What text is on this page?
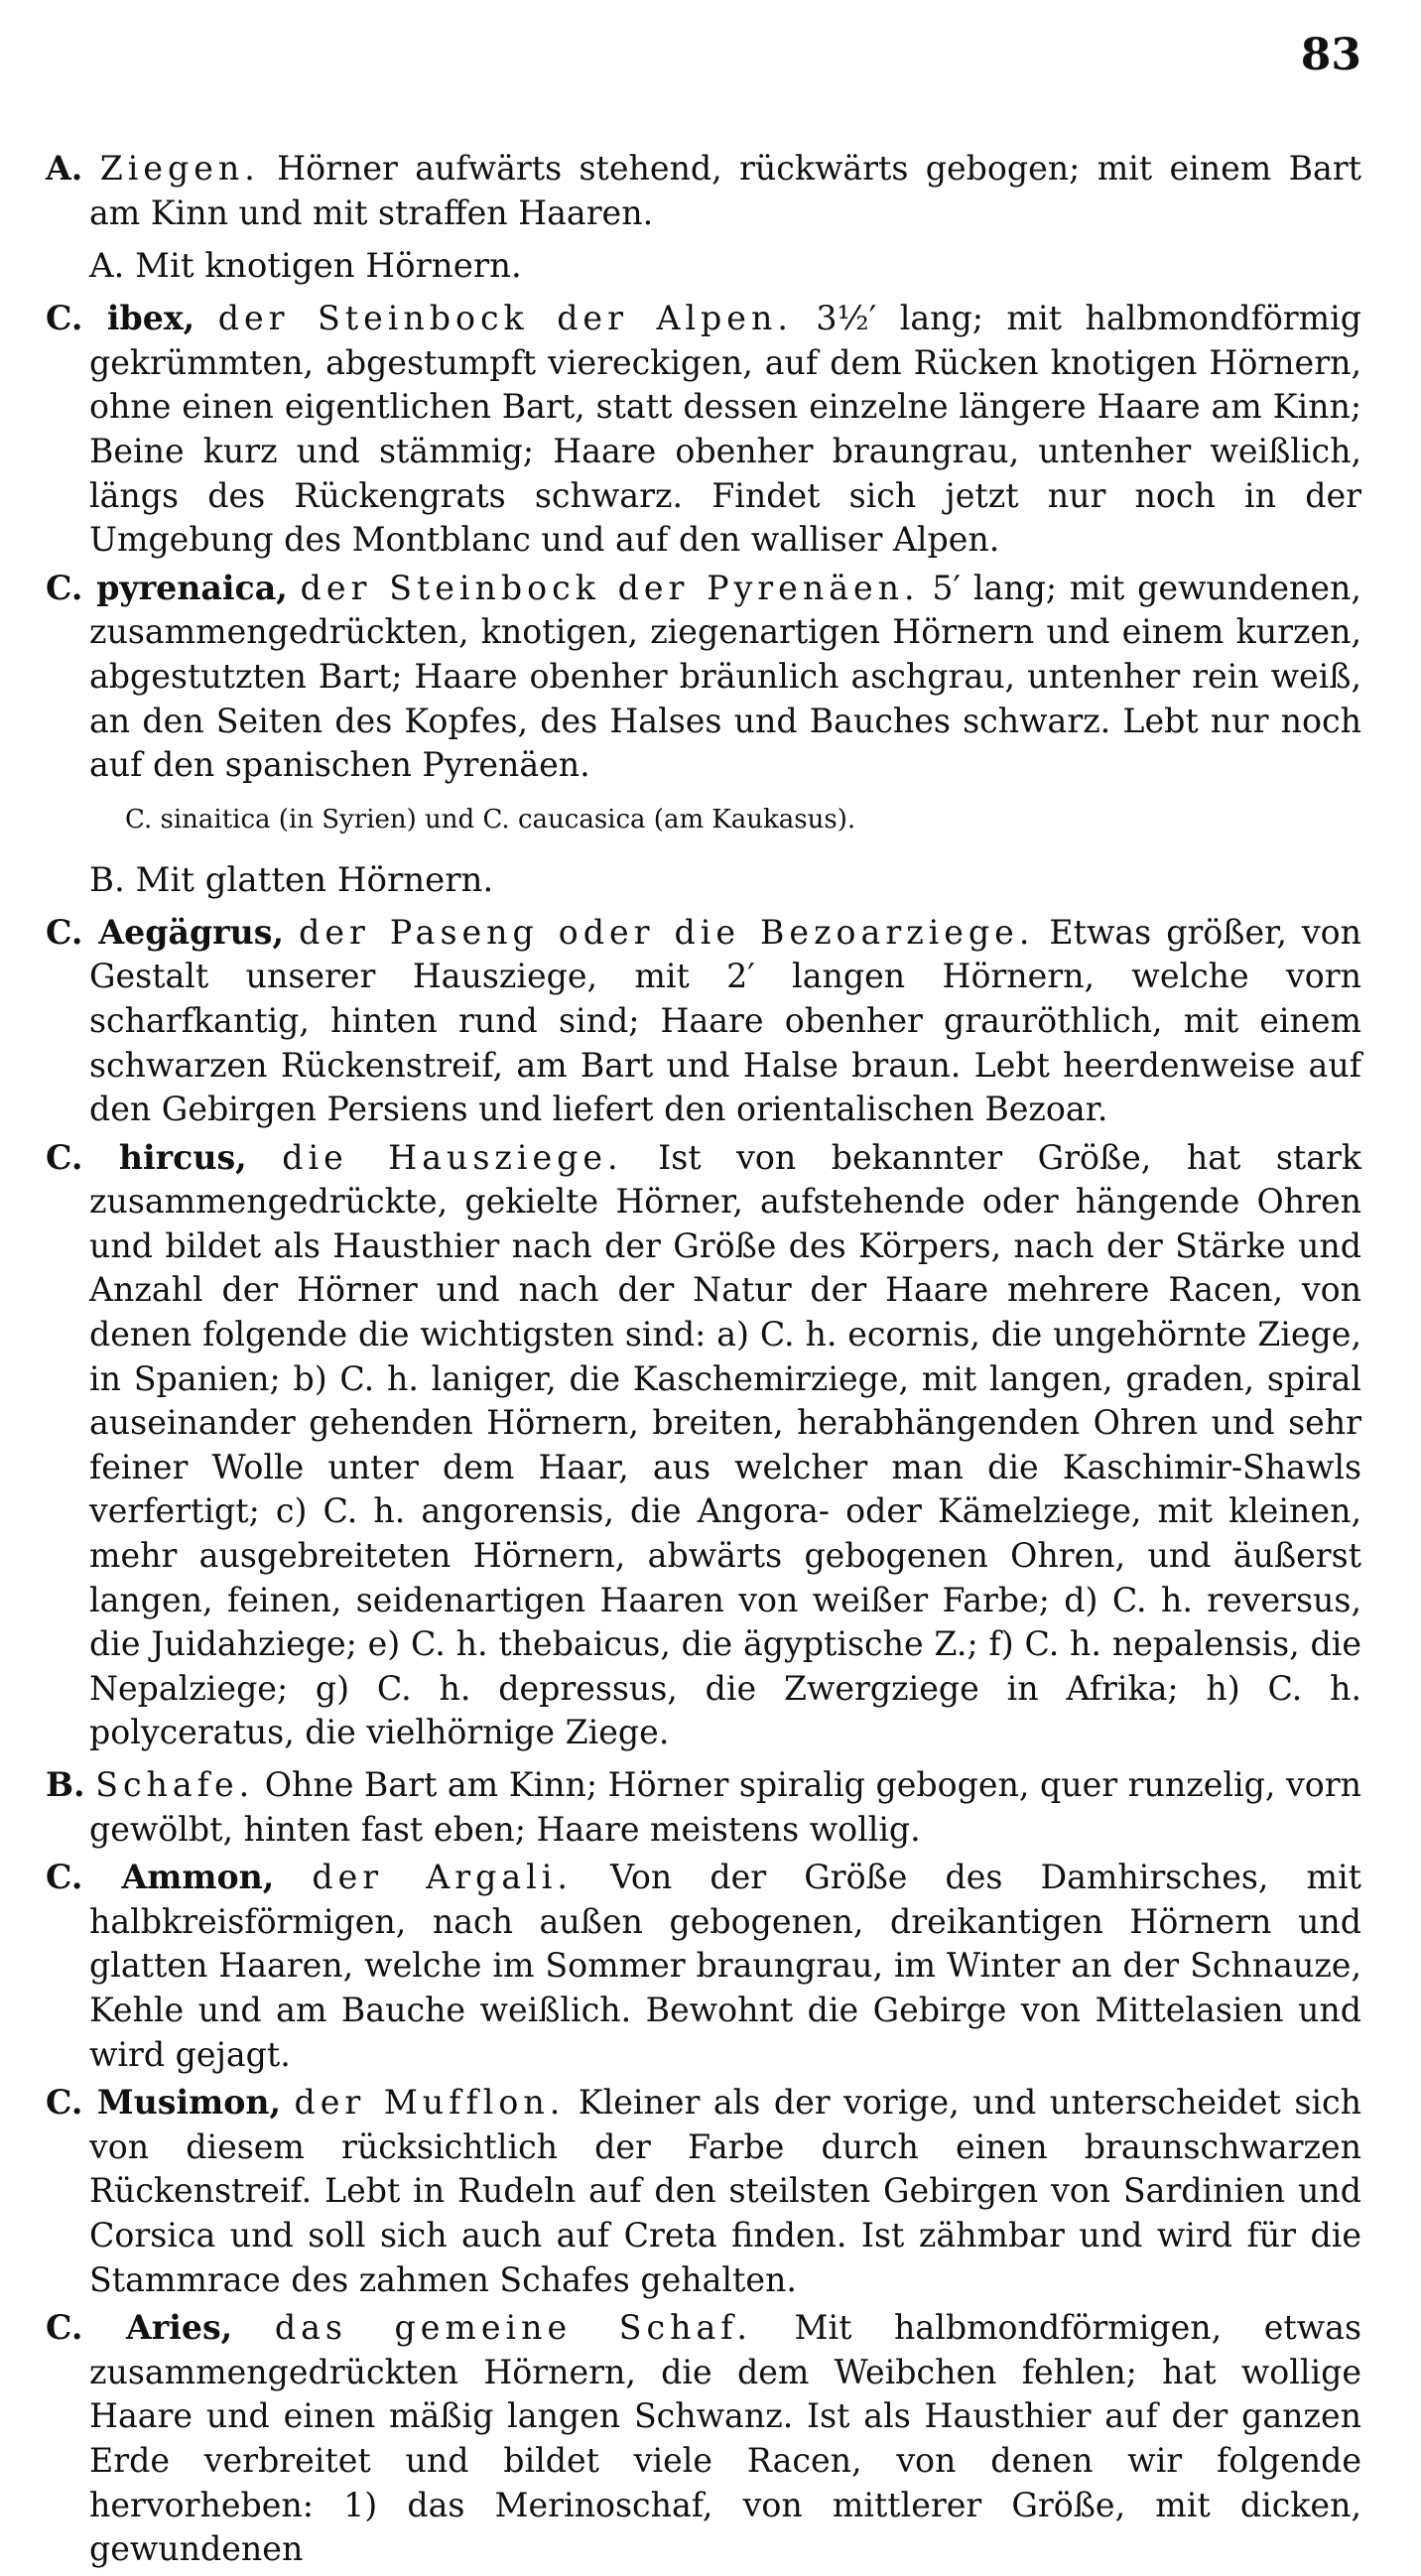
83

A. Ziegen. Hörner aufwärts stehend, rückwärts gebogen; mit einem Bart am Kinn und mit straffen Haaren.

A. Mit knotigen Hörnern.

C. ibex, der Steinbock der Alpen. 3½′ lang; mit halbmondförmig gekrümmten, abgestumpft viereckigen, auf dem Rücken knotigen Hörnern, ohne einen eigentlichen Bart, statt dessen einzelne längere Haare am Kinn; Beine kurz und stämmig; Haare obenher braungrau, untenher weißlich, längs des Rückengrats schwarz. Findet sich jetzt nur noch in der Umgebung des Montblanc und auf den walliser Alpen.

C. pyrenaica, der Steinbock der Pyrenäen. 5′ lang; mit gewundenen, zusammengedrückten, knotigen, ziegenartigen Hörnern und einem kurzen, abgestutzten Bart; Haare obenher bräunlich aschgrau, untenher rein weiß, an den Seiten des Kopfes, des Halses und Bauches schwarz. Lebt nur noch auf den spanischen Pyrenäen.

C. sinaitica (in Syrien) und C. caucasica (am Kaukasus).
B. Mit glatten Hörnern.

C. Aegägrus, der Pasеng oder die Bezoarziege. Etwas größer, von Gestalt unserer Hausziege, mit 2′ langen Hörnern, welche vorn scharfkantig, hinten rund sind; Haare obenher grauröthlich, mit einem schwarzen Rückenstreif, am Bart und Halse braun. Lebt heerdenweise auf den Gebirgen Persiens und liefert den orientalischen Bezoar.

C. hircus, die Hausziege. Ist von bekannter Größe, hat stark zusammengedrückte, gekielte Hörner, aufstehende oder hängende Ohren und bildet als Hausthier nach der Größe des Körpers, nach der Stärke und Anzahl der Hörner und nach der Natur der Haare mehrere Racen, von denen folgende die wichtigsten sind: a) C. h. ecornis, die ungehörnte Ziege, in Spanien; b) C. h. laniger, die Kaschemirziege, mit langen, graden, spiral auseinander gehenden Hörnern, breiten, herabhängenden Ohren und sehr feiner Wolle unter dem Haar, aus welcher man die Kaschimir-Shawls verfertigt; c) C. h. angorensis, die Angora- oder Kämelziege, mit kleinen, mehr ausgebreiteten Hörnern, abwärts gebogenen Ohren, und äußerst langen, feinen, seidenartigen Haaren von weißer Farbe; d) C. h. reversus, die Juidahziege; e) C. h. thebaicus, die ägyptische Z.; f) C. h. nepalensis, die Nepalziege; g) C. h. depressus, die Zwergziege in Afrika; h) C. h. polyceratus, die vielhörnige Ziege.

B. Schafe. Ohne Bart am Kinn; Hörner spiralig gebogen, quer runzelig, vorn gewölbt, hinten fast eben; Haare meistens wollig.

C. Ammon, der Argali. Von der Größe des Damhirsches, mit halbkreisförmigen, nach außen gebogenen, dreikantigen Hörnern und glatten Haaren, welche im Sommer braungrau, im Winter an der Schnauze, Kehle und am Bauche weißlich. Bewohnt die Gebirge von Mittelasien und wird gejagt.

C. Musimon, der Mufflon. Kleiner als der vorige, und unterscheidet sich von diesem rücksichtlich der Farbe durch einen braunschwarzen Rückenstreif. Lebt in Rudeln auf den steilsten Gebirgen von Sardinien und Corsica und soll sich auch auf Creta finden. Ist zähmbar und wird für die Stammrace des zahmen Schafes gehalten.

C. Aries, das gemeine Schaf. Mit halbmondförmigen, etwas zusammengedrückten Hörnern, die dem Weibchen fehlen; hat wollige Haare und einen mäßig langen Schwanz. Ist als Hausthier auf der ganzen Erde verbreitet und bildet viele Racen, von denen wir folgende hervorheben: 1) das Merinoschaf, von mittlerer Größe, mit dicken, gewundenen
